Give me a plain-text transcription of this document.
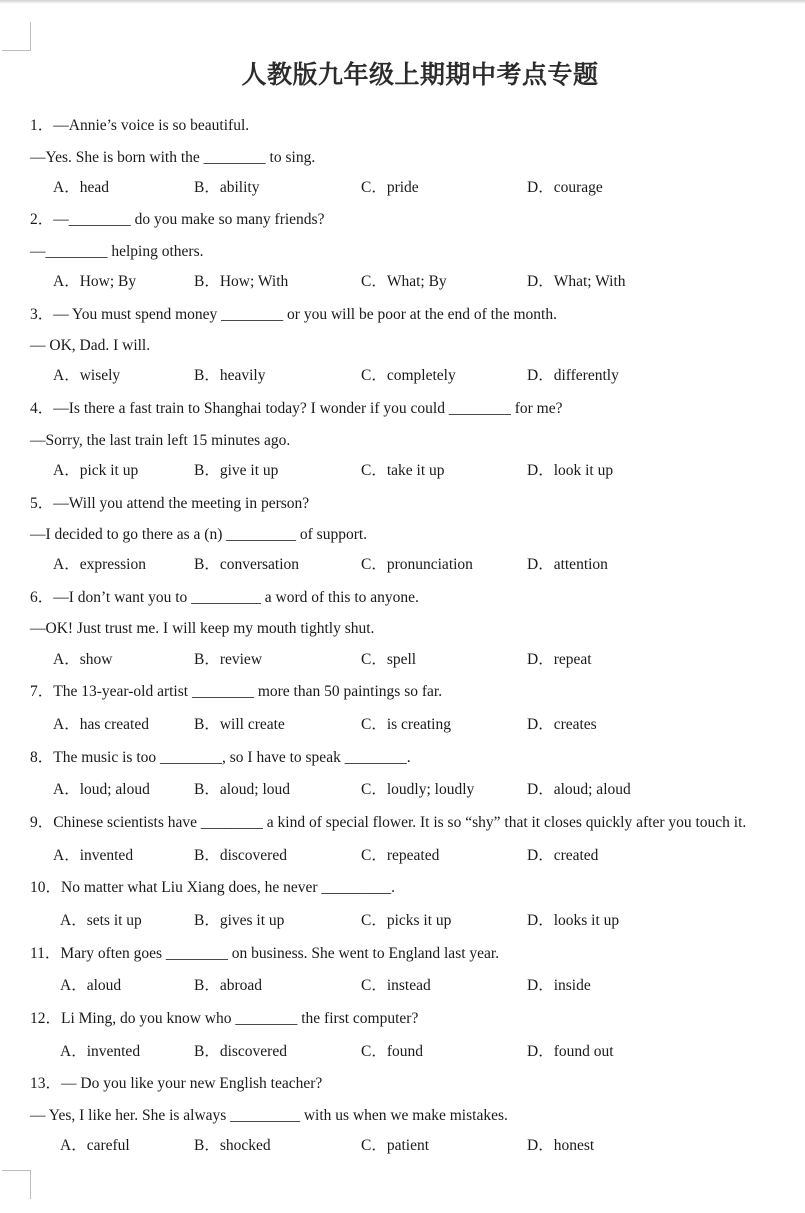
人教版九年级上期期中考点专题
1．—Annie’s voice is so beautiful.
—Yes. She is born with the ________ to sing.
A．head	B．ability	C．pride	D．courage
2．—________ do you make so many friends?
—________ helping others.
A．How; By	B．How; With	C．What; By	D．What; With
3．— You must spend money ________ or you will be poor at the end of the month.
— OK, Dad. I will.
A．wisely	B．heavily	C．completely	D．differently
4．—Is there a fast train to Shanghai today? I wonder if you could ________ for me?
—Sorry, the last train left 15 minutes ago.
A．pick it up	B．give it up	C．take it up	D．look it up
5．—Will you attend the meeting in person?
—I decided to go there as a (n) _________ of support.
A．expression	B．conversation	C．pronunciation	D．attention
6．—I don’t want you to _________ a word of this to anyone.
—OK! Just trust me. I will keep my mouth tightly shut.
A．show	B．review	C．spell	D．repeat
7．The 13-year-old artist ________ more than 50 paintings so far.
A．has created	B．will create	C．is creating	D．creates
8．The music is too ________, so I have to speak ________.
A．loud; aloud	B．aloud; loud	C．loudly; loudly	D．aloud; aloud
9．Chinese scientists have ________ a kind of special flower. It is so “shy” that it closes quickly after you touch it.
A．invented	B．discovered	C．repeated	D．created
10．No matter what Liu Xiang does, he never _________.
A．sets it up	B．gives it up	C．picks it up	D．looks it up
11．Mary often goes ________ on business. She went to England last year.
A．aloud	B．abroad	C．instead	D．inside
12．Li Ming, do you know who ________ the first computer?
A．invented	B．discovered	C．found	D．found out
13．— Do you like your new English teacher?
— Yes, I like her. She is always _________ with us when we make mistakes.
A．careful	B．shocked	C．patient	D．honest
